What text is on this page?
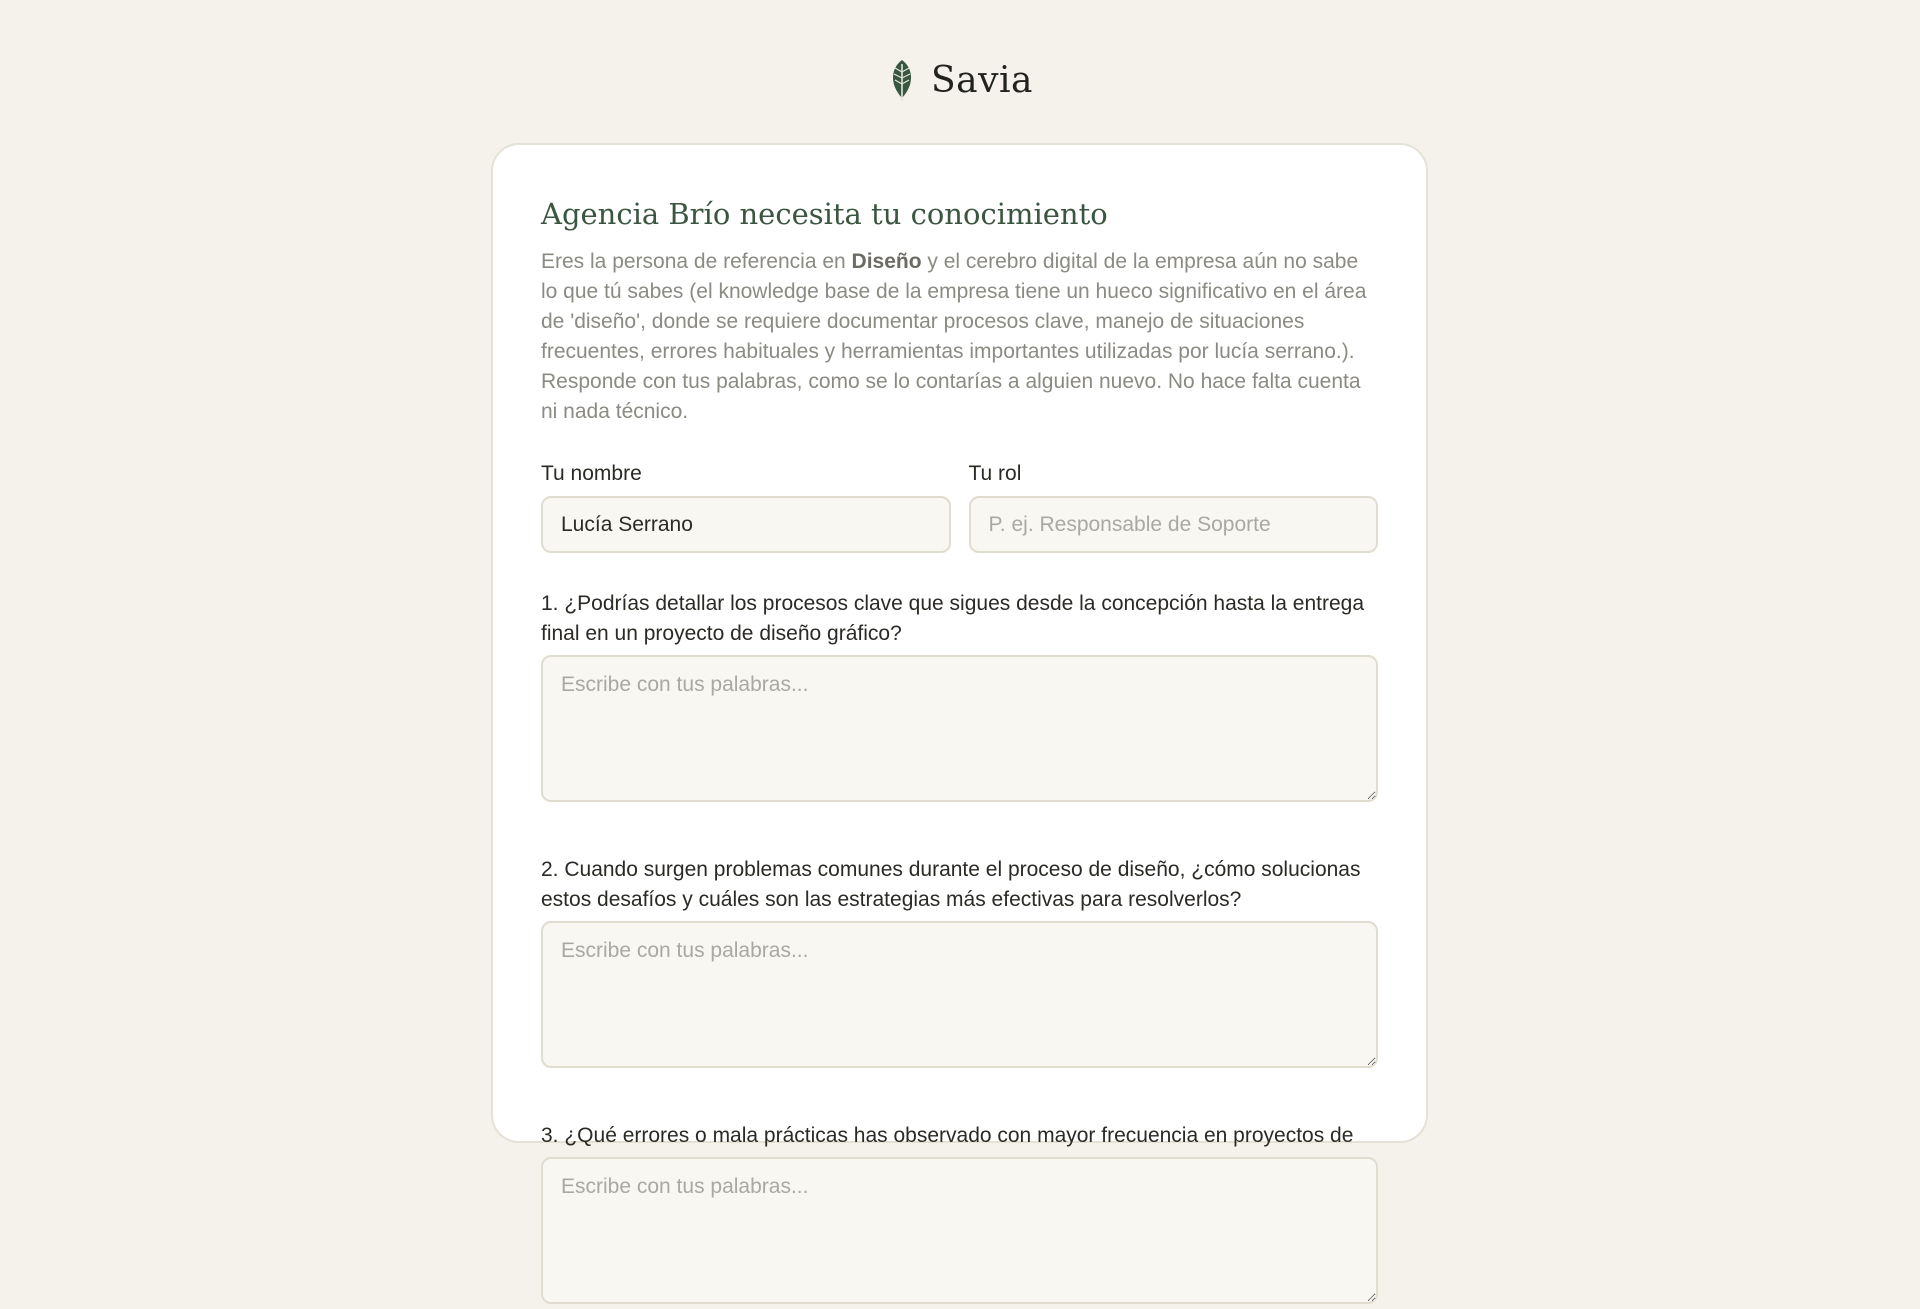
Savia
Agencia Brío necesita tu conocimiento

Eres la persona de referencia en Diseño y el cerebro digital de la empresa aún no sabe lo que tú sabes (el knowledge base de la empresa tiene un hueco significativo en el área de 'diseño', donde se requiere documentar procesos clave, manejo de situaciones frecuentes, errores habituales y herramientas importantes utilizadas por lucía serrano.). Responde con tus palabras, como se lo contarías a alguien nuevo. No hace falta cuenta ni nada técnico.

Tu nombre
Lucía Serrano	Tu rol
P. ej. Responsable de Soporte
1. ¿Podrías detallar los procesos clave que sigues desde la concepción hasta la entrega final en un proyecto de diseño gráfico?
Escribe con tus palabras...
2. Cuando surgen problemas comunes durante el proceso de diseño, ¿cómo solucionas estos desafíos y cuáles son las estrategias más efectivas para resolverlos?
Escribe con tus palabras...
3. ¿Qué errores o mala prácticas has observado con mayor frecuencia en proyectos de
Escribe con tus palabras...
